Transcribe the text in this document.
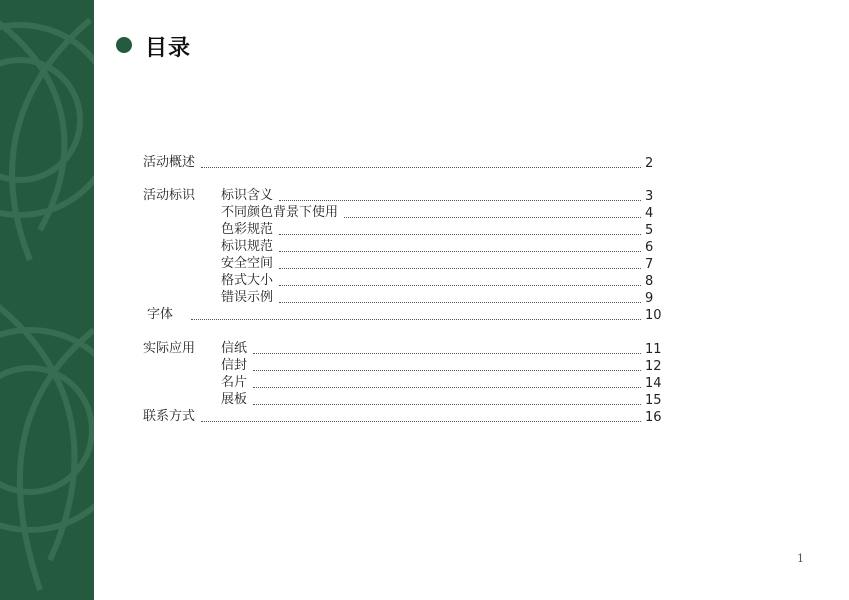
目录
活动概述	2
活动标识 标识含义	3
不同颜色背景下使用	4
色彩规范	5
标识规范	6
安全空间	7
格式大小	8
错误示例	9
字体	10
实际应用 信纸	11
信封	12
名片	14
展板	15
联系方式	16
1
